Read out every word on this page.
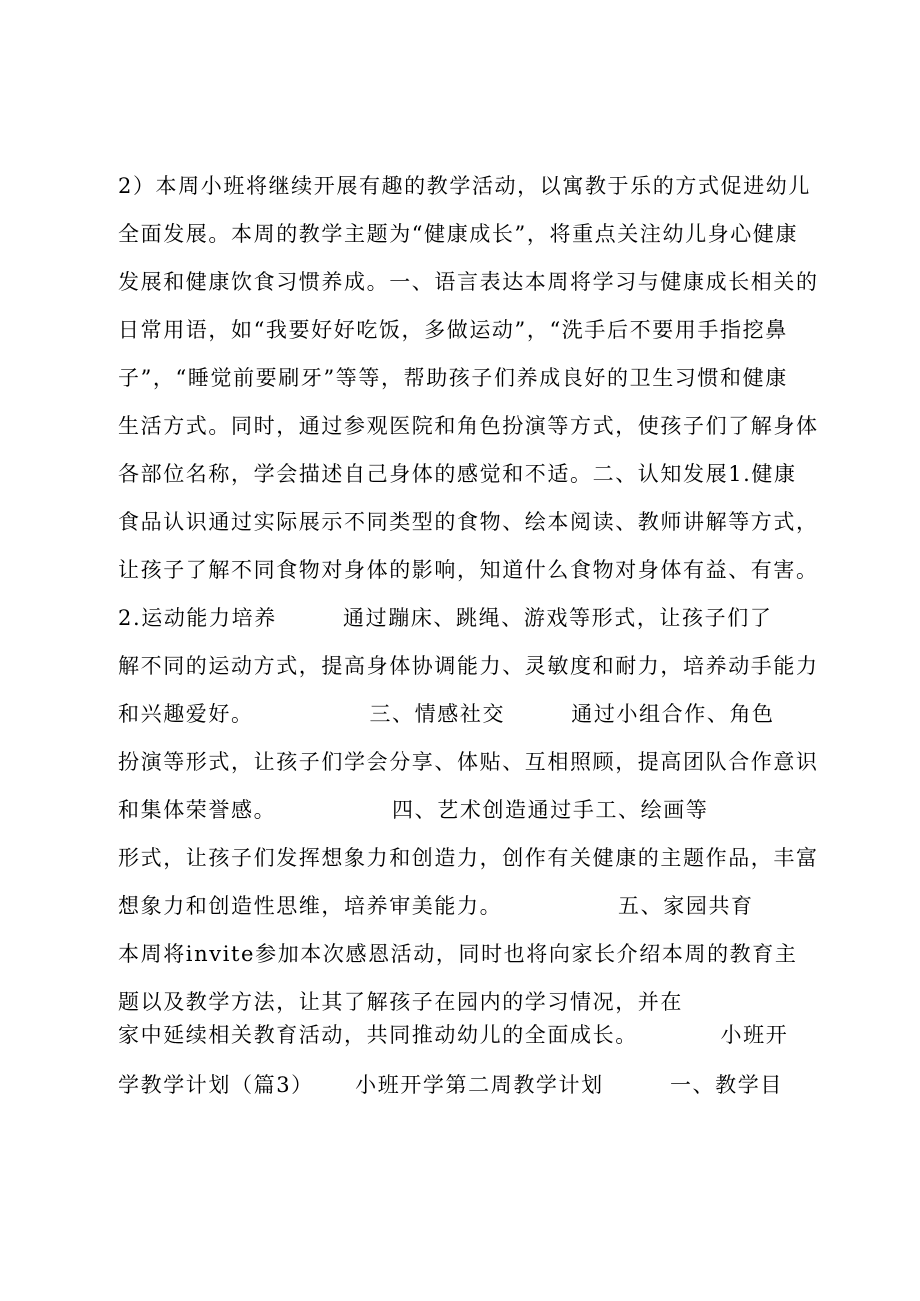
2）本周小班将继续开展有趣的教学活动，以寓教于乐的方式促进幼儿
全面发展。本周的教学主题为“健康成长”，将重点关注幼儿身心健康
发展和健康饮食习惯养成。一、语言表达本周将学习与健康成长相关的
日常用语，如“我要好好吃饭，多做运动”，“洗手后不要用手指挖鼻
子”，“睡觉前要刷牙”等等，帮助孩子们养成良好的卫生习惯和健康
生活方式。同时，通过参观医院和角色扮演等方式，使孩子们了解身体
各部位名称，学会描述自己身体的感觉和不适。二、认知发展1.健康
食品认识通过实际展示不同类型的食物、绘本阅读、教师讲解等方式，
让孩子了解不同食物对身体的影响，知道什么食物对身体有益、有害。
2.运动能力培养        通过蹦床、跳绳、游戏等形式，让孩子们了
解不同的运动方式，提高身体协调能力、灵敏度和耐力，培养动手能力
和兴趣爱好。              三、情感社交        通过小组合作、角色
扮演等形式，让孩子们学会分享、体贴、互相照顾，提高团队合作意识
和集体荣誉感。              四、艺术创造通过手工、绘画等
形式，让孩子们发挥想象力和创造力，创作有关健康的主题作品，丰富
想象力和创造性思维，培养审美能力。              五、家园共育
本周将invite参加本次感恩活动，同时也将向家长介绍本周的教育主
题以及教学方法，让其了解孩子在园内的学习情况，并在
家中延续相关教育活动，共同推动幼儿的全面成长。          小班开
学教学计划（篇3）     小班开学第二周教学计划        一、教学目
